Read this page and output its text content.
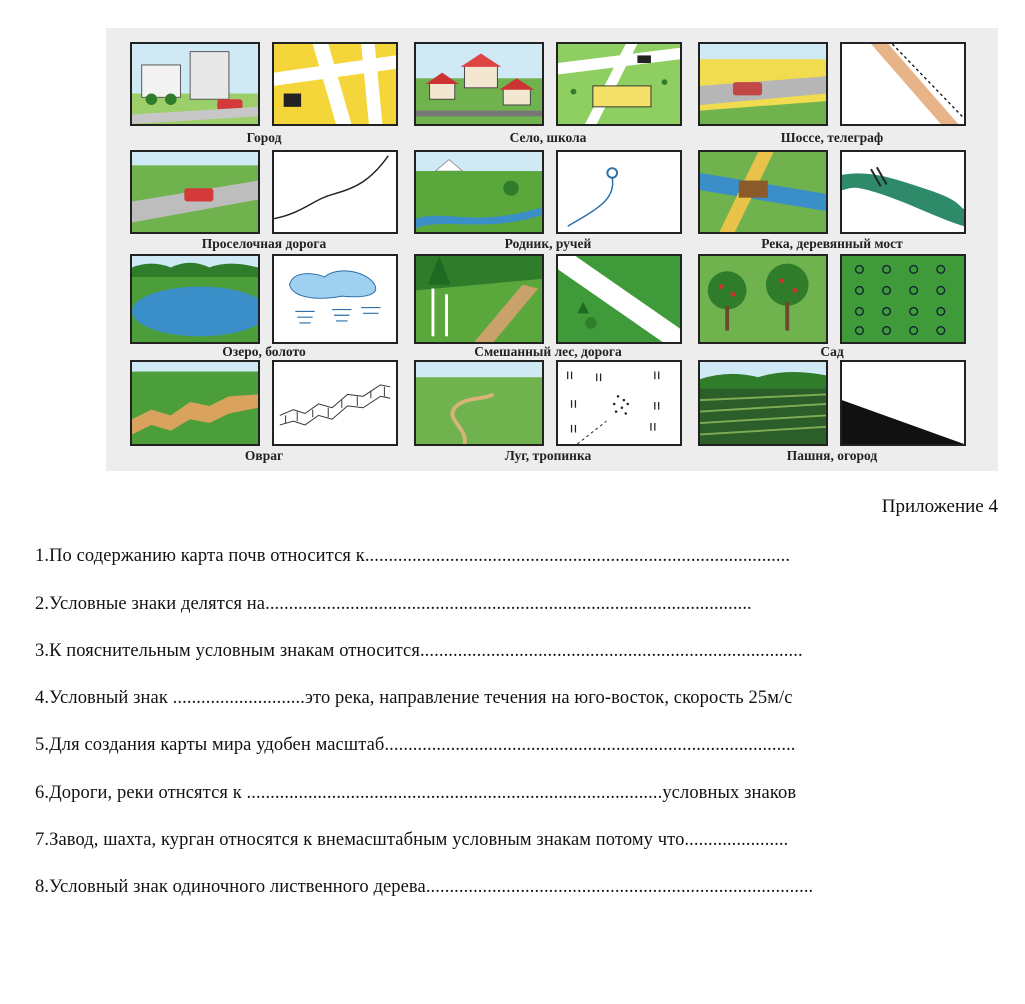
Город	Село, школа	Шоссе, телеграф
Проселочная дорога	Родник, ручей	Река, деревянный мост
Озеро, болото	Смешанный лес, дорога	Сад
Овраг	Луг, тропинка	Пашня, огород
Приложение 4
1.По содержанию карта почв относится к..........................................................................................
2.Условные знаки делятся на.......................................................................................................
3.К пояснительным условным знакам относится.................................................................................
4.Условный знак ............................это река, направление течения на юго-восток, скорость 25м/с
5.Для создания карты мира удобен масштаб.......................................................................................
6.Дороги, реки отнсятся к ........................................................................................условных знаков
7.Завод, шахта, курган относятся к внемасштабным условным знакам потому что......................
8.Условный знак одиночного лиственного дерева..................................................................................
